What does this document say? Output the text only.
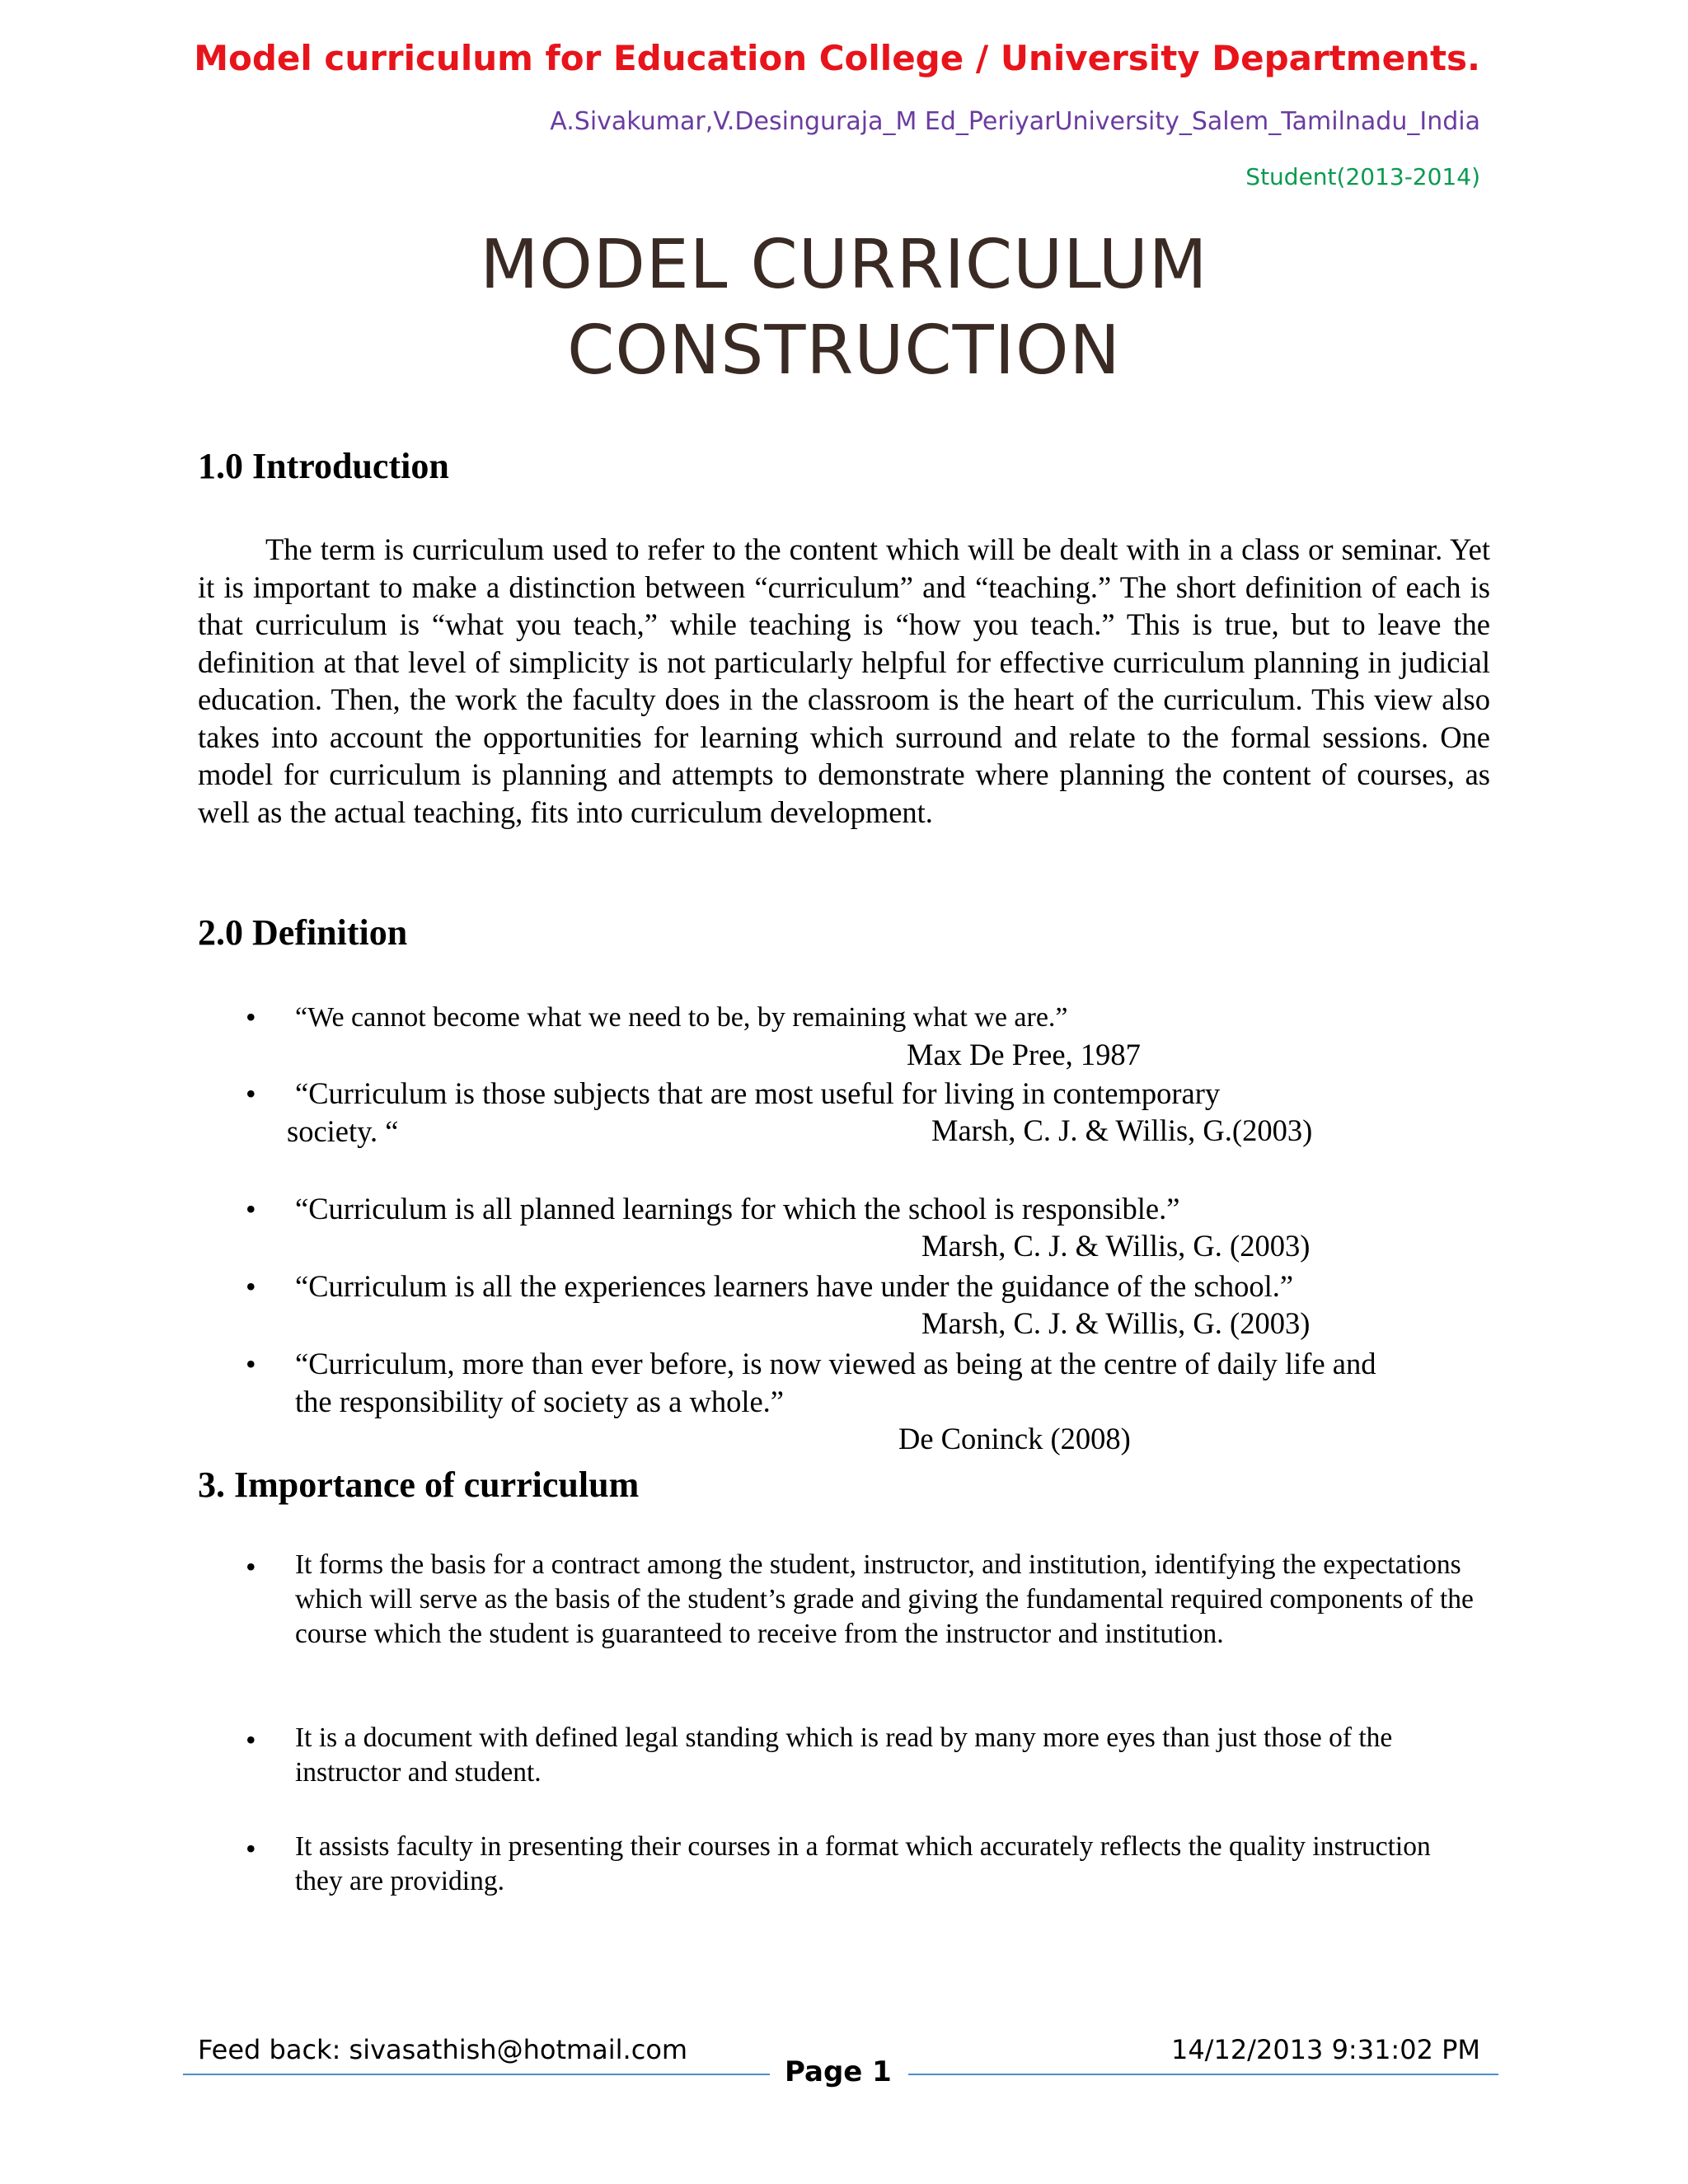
Model curriculum for Education College / University Departments.
A.Sivakumar,V.Desinguraja_M Ed_PeriyarUniversity_Salem_Tamilnadu_India
Student(2013-2014)
MODEL CURRICULUM
CONSTRUCTION
1.0 Introduction

The term is curriculum used to refer to the content which will be dealt with in a class or seminar. Yet it is important to make a distinction between “curriculum” and “teaching.” The short definition of each is that curriculum is “what you teach,” while teaching is “how you teach.” This is true, but to leave the definition at that level of simplicity is not particularly helpful for effective curriculum planning in judicial education. Then, the work the faculty does in the classroom is the heart of the curriculum. This view also takes into account the opportunities for learning which surround and relate to the formal sessions. One model for curriculum is planning and attempts to demonstrate where planning the content of courses, as well as the actual teaching, fits into curriculum development.

2.0 Definition
• “We cannot become what we need to be, by remaining what we are.”
Max De Pree, 1987
• “Curriculum is those subjects that are most useful for living in contemporary
society. “	Marsh, C. J. & Willis, G.(2003)
• “Curriculum is all planned learnings for which the school is responsible.”
Marsh, C. J. & Willis, G. (2003)
• “Curriculum is all the experiences learners have under the guidance of the school.”
Marsh, C. J. & Willis, G. (2003)
• “Curriculum, more than ever before, is now viewed as being at the centre of daily life and
the responsibility of society as a whole.”
De Coninck (2008)
3. Importance of curriculum
• It forms the basis for a contract among the student, instructor, and institution, identifying the expectations which will serve as the basis of the student’s grade and giving the fundamental required components of the course which the student is guaranteed to receive from the instructor and institution.
• It is a document with defined legal standing which is read by many more eyes than just those of the instructor and student.
• It assists faculty in presenting their courses in a format which accurately reflects the quality instruction they are providing.
Feed back: sivasathish@hotmail.com	14/12/2013 9:31:02 PM
Page 1
